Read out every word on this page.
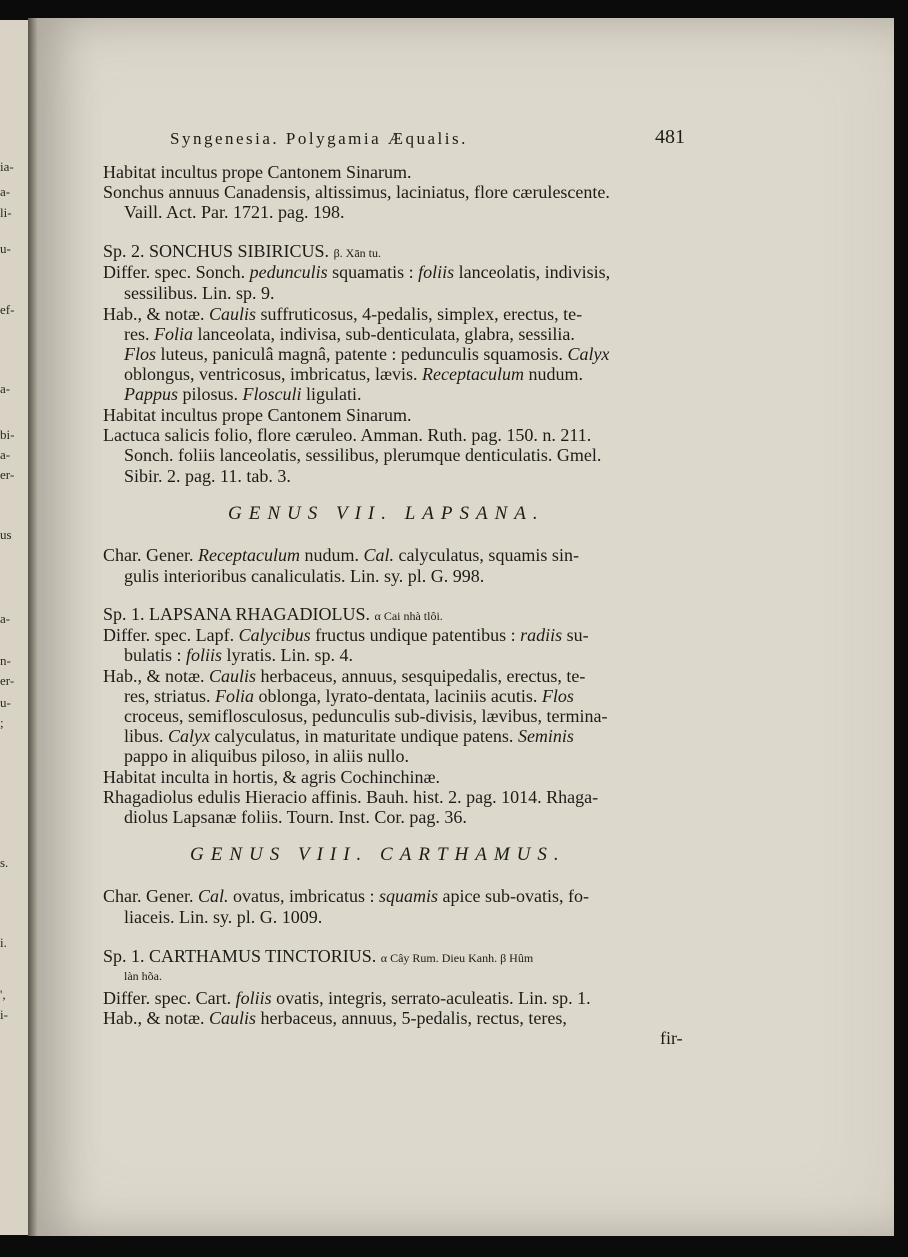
ia-
a-
li-
u-
ef-
a-
bi-
a-
er-
us
a-
n-
er-
u-
;
s.
i.
',
i-
Syngenesia. Polygamia Æqualis.	481
Habitat incultus prope Cantonem Sinarum.
Sonchus annuus Canadensis, altissimus, laciniatus, flore cærulescente.
Vaill. Act. Par. 1721. pag. 198.
Sp. 2. SONCHUS SIBIRICUS. β. Xān tu.
Differ. spec. Sonch. pedunculis squamatis : foliis lanceolatis, indivisis,
sessilibus. Lin. sp. 9.
Hab., & notæ. Caulis suffruticosus, 4-pedalis, simplex, erectus, te-
res. Folia lanceolata, indivisa, sub-denticulata, glabra, sessilia.
Flos luteus, paniculâ magnâ, patente : pedunculis squamosis. Calyx
oblongus, ventricosus, imbricatus, lævis. Receptaculum nudum.
Pappus pilosus. Flosculi ligulati.
Habitat incultus prope Cantonem Sinarum.
Lactuca salicis folio, flore cæruleo. Amman. Ruth. pag. 150. n. 211.
Sonch. foliis lanceolatis, sessilibus, plerumque denticulatis. Gmel.
Sibir. 2. pag. 11. tab. 3.
GENUS VII. LAPSANA.
Char. Gener. Receptaculum nudum. Cal. calyculatus, squamis sin-
gulis interioribus canaliculatis. Lin. sy. pl. G. 998.
Sp. 1. LAPSANA RHAGADIOLUS. α Cai nhà tlôi.
Differ. spec. Lapf. Calycibus fructus undique patentibus : radiis su-
bulatis : foliis lyratis. Lin. sp. 4.
Hab., & notæ. Caulis herbaceus, annuus, sesquipedalis, erectus, te-
res, striatus. Folia oblonga, lyrato-dentata, laciniis acutis. Flos
croceus, semiflosculosus, pedunculis sub-divisis, lævibus, termina-
libus. Calyx calyculatus, in maturitate undique patens. Seminis
pappo in aliquibus piloso, in aliis nullo.
Habitat inculta in hortis, & agris Cochinchinæ.
Rhagadiolus edulis Hieracio affinis. Bauh. hist. 2. pag. 1014. Rhaga-
diolus Lapsanæ foliis. Tourn. Inst. Cor. pag. 36.
GENUS VIII. CARTHAMUS.
Char. Gener. Cal. ovatus, imbricatus : squamis apice sub-ovatis, fo-
liaceis. Lin. sy. pl. G. 1009.
Sp. 1. CARTHAMUS TINCTORIUS. α Cây Rum. Dieu Kanh. β Hûm
làn hõa.
Differ. spec. Cart. foliis ovatis, integris, serrato-aculeatis. Lin. sp. 1.
Hab., & notæ. Caulis herbaceus, annuus, 5-pedalis, rectus, teres,
fir-
